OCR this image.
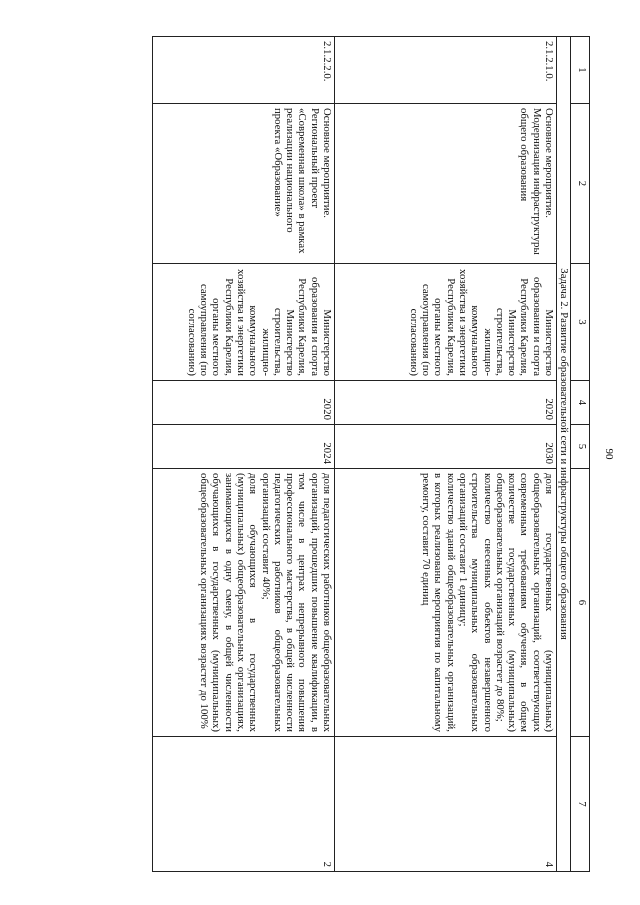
90
1	2	3	4	5	6	7
Задача 2. Развитие образовательной сети и инфраструктуры общего образования						
2.1.2.1.0.	Основное мероприятие. Модернизация инфраструктуры общего образования	Министерство образования и спорта Республики Карелия, Министерство строительства, жилищно-коммунального хозяйства и энергетики Республики Карелия, органы местного самоуправления (по согласованию)	2020	2030	доля государственных (муниципальных) общеобразовательных организаций, соответствующих современным требованиям обучения, в общем количестве государственных (муниципальных) общеобразовательных организаций возрастет до 80%;
количество снесенных объектов незавершенного строительства муниципальных образовательных организаций составит 1 единицу;
количество зданий общеобразовательных организаций, в которых реализованы мероприятия по капитальному ремонту, составит 70 единиц	4
2.1.2.2.0.	Основное мероприятие. Региональный проект «Современная школа» в рамках реализации национального проекта «Образование»	Министерство образования и спорта Республики Карелия, Министерство строительства, жилищно-коммунального хозяйства и энергетики Республики Карелия, органы местного самоуправления (по согласованию)	2020	2024	доля педагогических работников общеобразовательных организаций, прошедших повышение квалификации, в том числе в центрах непрерывного повышения профессионального мастерства, в общей численности педагогических работников общеобразовательных организаций составит 40%;
доля обучающихся в государственных (муниципальных) общеобразовательных организациях, занимающихся в одну смену, в общей численности обучающихся в государственных (муниципальных) общеобразовательных организациях возрастет до 100%	2
